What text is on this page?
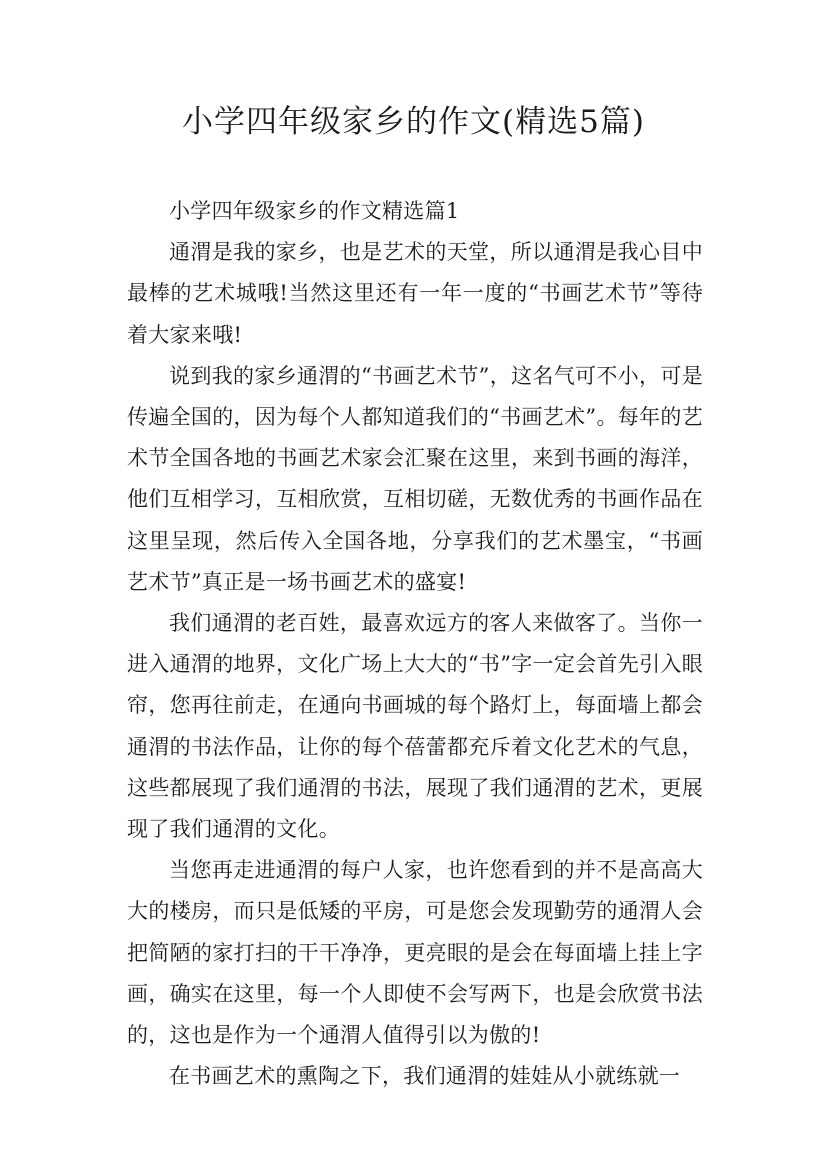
小学四年级家乡的作文(精选5篇)

小学四年级家乡的作文精选篇1

通渭是我的家乡，也是艺术的天堂，所以通渭是我心目中最棒的艺术城哦!当然这里还有一年一度的“书画艺术节”等待着大家来哦!

说到我的家乡通渭的“书画艺术节”，这名气可不小，可是传遍全国的，因为每个人都知道我们的“书画艺术”。每年的艺术节全国各地的书画艺术家会汇聚在这里，来到书画的海洋，他们互相学习，互相欣赏，互相切磋，无数优秀的书画作品在这里呈现，然后传入全国各地，分享我们的艺术墨宝，“书画艺术节”真正是一场书画艺术的盛宴!

我们通渭的老百姓，最喜欢远方的客人来做客了。当你一进入通渭的地界，文化广场上大大的“书”字一定会首先引入眼帘，您再往前走，在通向书画城的每个路灯上，每面墙上都会通渭的书法作品，让你的每个蓓蕾都充斥着文化艺术的气息，这些都展现了我们通渭的书法，展现了我们通渭的艺术，更展现了我们通渭的文化。

当您再走进通渭的每户人家，也许您看到的并不是高高大大的楼房，而只是低矮的平房，可是您会发现勤劳的通渭人会把简陋的家打扫的干干净净，更亮眼的是会在每面墙上挂上字画，确实在这里，每一个人即使不会写两下，也是会欣赏书法的，这也是作为一个通渭人值得引以为傲的!

在书画艺术的熏陶之下，我们通渭的娃娃从小就练就一
